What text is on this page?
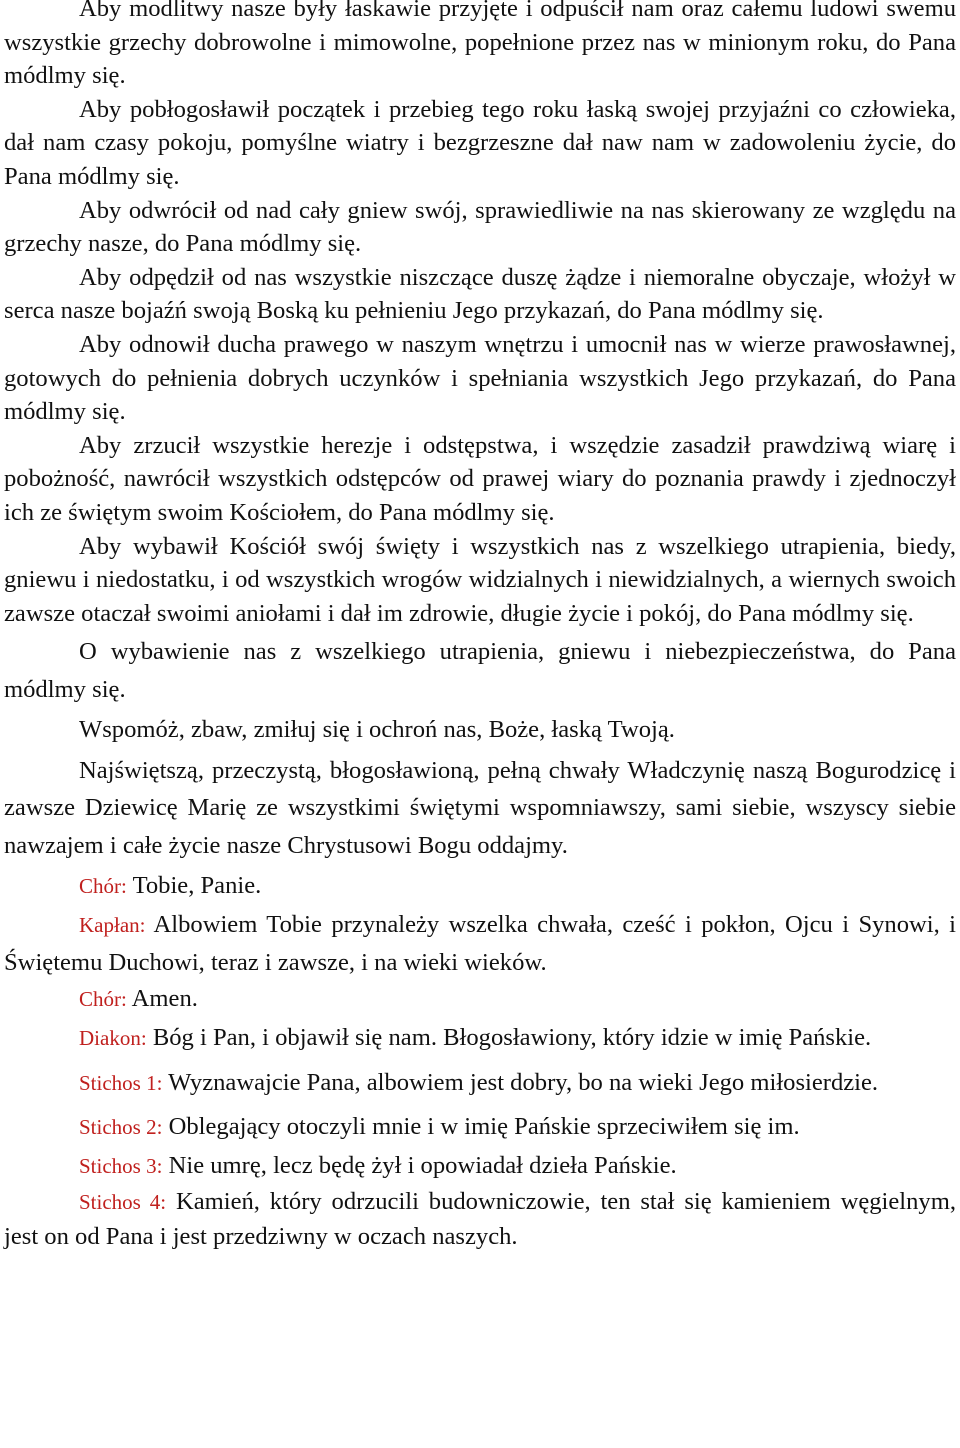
Aby modlitwy nasze były łaskawie przyjęte i odpuścił nam oraz całemu ludowi swemu wszystkie grzechy dobrowolne i mimowolne, popełnione przez nas w minionym roku, do Pana módlmy się.

Aby pobłogosławił początek i przebieg tego roku łaską swojej przyjaźni co człowieka, dał nam czasy pokoju, pomyślne wiatry i bezgrzeszne dał naw nam w zadowoleniu życie, do Pana módlmy się.

Aby odwrócił od nad cały gniew swój, sprawiedliwie na nas skierowany ze względu na grzechy nasze, do Pana módlmy się.

Aby odpędził od nas wszystkie niszczące duszę żądze i niemoralne obyczaje, włożył w serca nasze bojaźń swoją Boską ku pełnieniu Jego przykazań, do Pana módlmy się.

Aby odnowił ducha prawego w naszym wnętrzu i umocnił nas w wierze prawosławnej, gotowych do pełnienia dobrych uczynków i spełniania wszystkich Jego przykazań, do Pana módlmy się.

Aby zrzucił wszystkie herezje i odstępstwa, i wszędzie zasadził prawdziwą wiarę i pobożność, nawrócił wszystkich odstępców od prawej wiary do poznania prawdy i zjednoczył ich ze świętym swoim Kościołem, do Pana módlmy się.

Aby wybawił Kościół swój święty i wszystkich nas z wszelkiego utrapienia, biedy, gniewu i niedostatku, i od wszystkich wrogów widzialnych i niewidzialnych, a wiernych swoich zawsze otaczał swoimi aniołami i dał im zdrowie, długie życie i pokój, do Pana módlmy się.

O wybawienie nas z wszelkiego utrapienia, gniewu i niebezpieczeństwa, do Pana módlmy się.

Wspomóż, zbaw, zmiłuj się i ochroń nas, Boże, łaską Twoją.

Najświętszą, przeczystą, błogosławioną, pełną chwały Władczynię naszą Bogurodzicę i zawsze Dziewicę Marię ze wszystkimi świętymi wspomniawszy, sami siebie, wszyscy siebie nawzajem i całe życie nasze Chrystusowi Bogu oddajmy.

Chór: Tobie, Panie.

Kapłan: Albowiem Tobie przynależy wszelka chwała, cześć i pokłon, Ojcu i Synowi, i Świętemu Duchowi, teraz i zawsze, i na wieki wieków.

Chór: Amen.

Diakon: Bóg i Pan, i objawił się nam. Błogosławiony, który idzie w imię Pańskie.

Stichos 1: Wyznawajcie Pana, albowiem jest dobry, bo na wieki Jego miłosierdzie.

Stichos 2: Oblegający otoczyli mnie i w imię Pańskie sprzeciwiłem się im.

Stichos 3: Nie umrę, lecz będę żył i opowiadał dzieła Pańskie.

Stichos 4: Kamień, który odrzucili budowniczowie, ten stał się kamieniem węgielnym, jest on od Pana i jest przedziwny w oczach naszych.
